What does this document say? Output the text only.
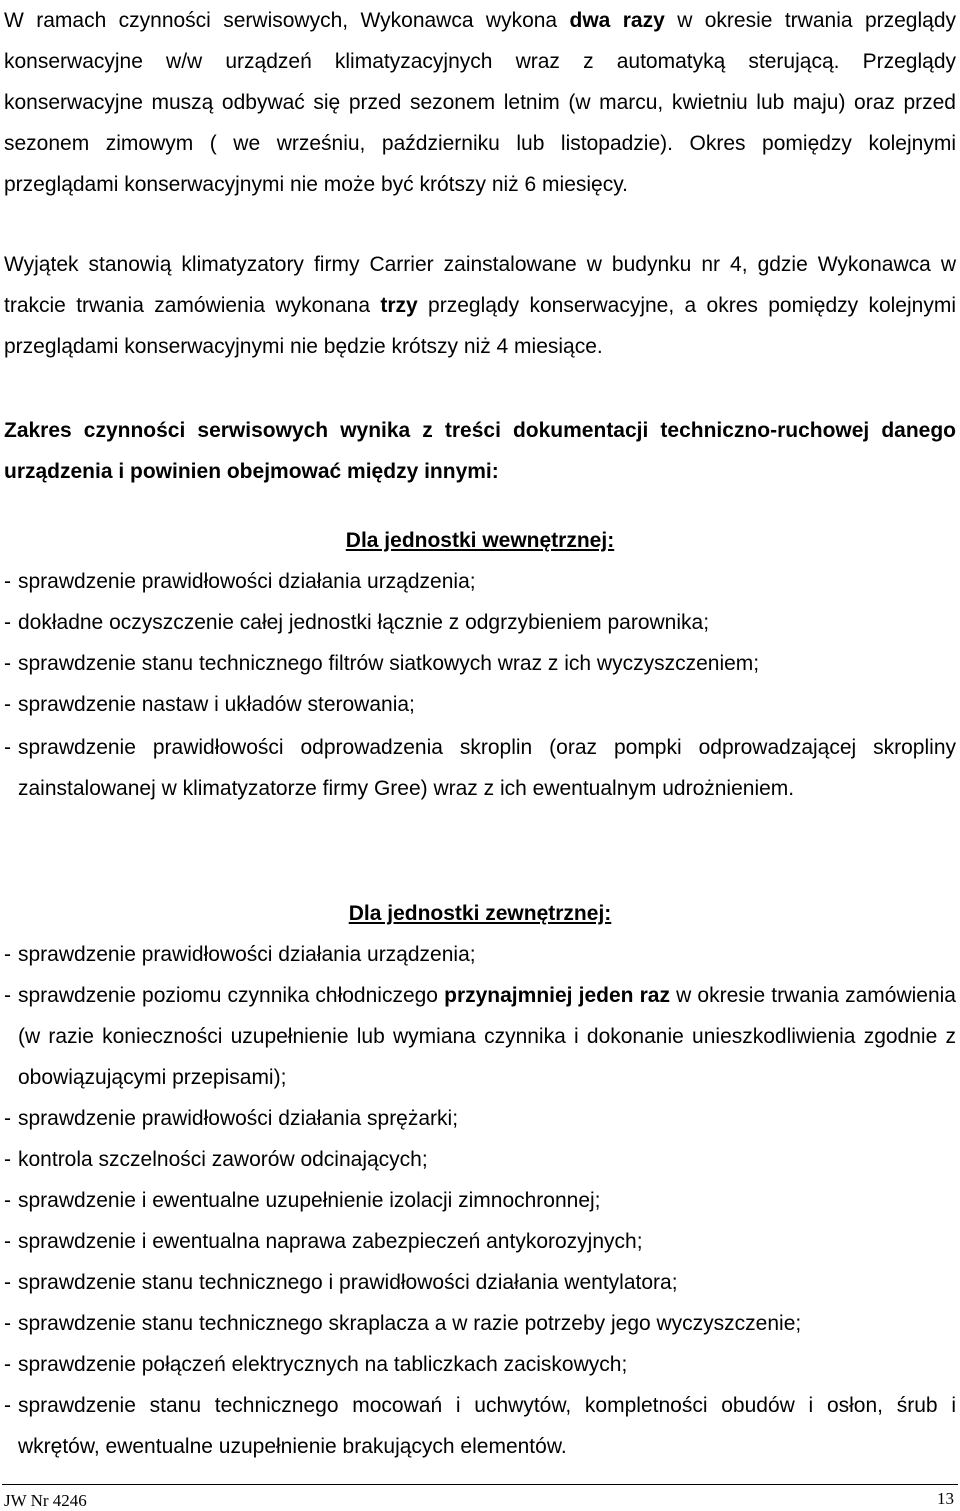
W ramach czynności serwisowych, Wykonawca wykona dwa razy w okresie trwania przeglądy konserwacyjne w/w urządzeń klimatyzacyjnych wraz z automatyką sterującą. Przeglądy konserwacyjne muszą odbywać się przed sezonem letnim (w marcu, kwietniu lub maju) oraz przed sezonem zimowym ( we wrześniu, październiku lub listopadzie). Okres pomiędzy kolejnymi przeglądami konserwacyjnymi nie może być krótszy niż 6 miesięcy.
Wyjątek stanowią klimatyzatory firmy Carrier zainstalowane w budynku nr 4, gdzie Wykonawca w trakcie trwania zamówienia wykonana trzy przeglądy konserwacyjne, a okres pomiędzy kolejnymi przeglądami konserwacyjnymi nie będzie krótszy niż 4 miesiące.
Zakres czynności serwisowych wynika z treści dokumentacji techniczno-ruchowej danego urządzenia i powinien obejmować między innymi:
Dla jednostki wewnętrznej:
- sprawdzenie prawidłowości działania urządzenia;
- dokładne oczyszczenie całej jednostki łącznie z odgrzybieniem parownika;
- sprawdzenie stanu technicznego filtrów siatkowych wraz z ich wyczyszczeniem;
- sprawdzenie nastaw i układów sterowania;
- sprawdzenie prawidłowości odprowadzenia skroplin (oraz pompki odprowadzającej skropliny zainstalowanej w klimatyzatorze firmy Gree) wraz z ich ewentualnym udrożnieniem.
Dla jednostki zewnętrznej:
- sprawdzenie prawidłowości działania urządzenia;
- sprawdzenie poziomu czynnika chłodniczego przynajmniej jeden raz w okresie trwania zamówienia (w razie konieczności uzupełnienie lub wymiana czynnika i dokonanie unieszkodliwienia zgodnie z obowiązującymi przepisami);
- sprawdzenie prawidłowości działania sprężarki;
- kontrola szczelności zaworów odcinających;
- sprawdzenie i ewentualne uzupełnienie izolacji zimnochronnej;
- sprawdzenie i ewentualna naprawa zabezpieczeń antykorozyjnych;
- sprawdzenie stanu technicznego i prawidłowości działania wentylatora;
- sprawdzenie stanu technicznego skraplacza a w razie potrzeby jego wyczyszczenie;
- sprawdzenie połączeń elektrycznych na tabliczkach zaciskowych;
- sprawdzenie stanu technicznego mocowań i uchwytów, kompletności obudów i osłon, śrub i wkrętów, ewentualne uzupełnienie brakujących elementów.
JW Nr 4246	13
